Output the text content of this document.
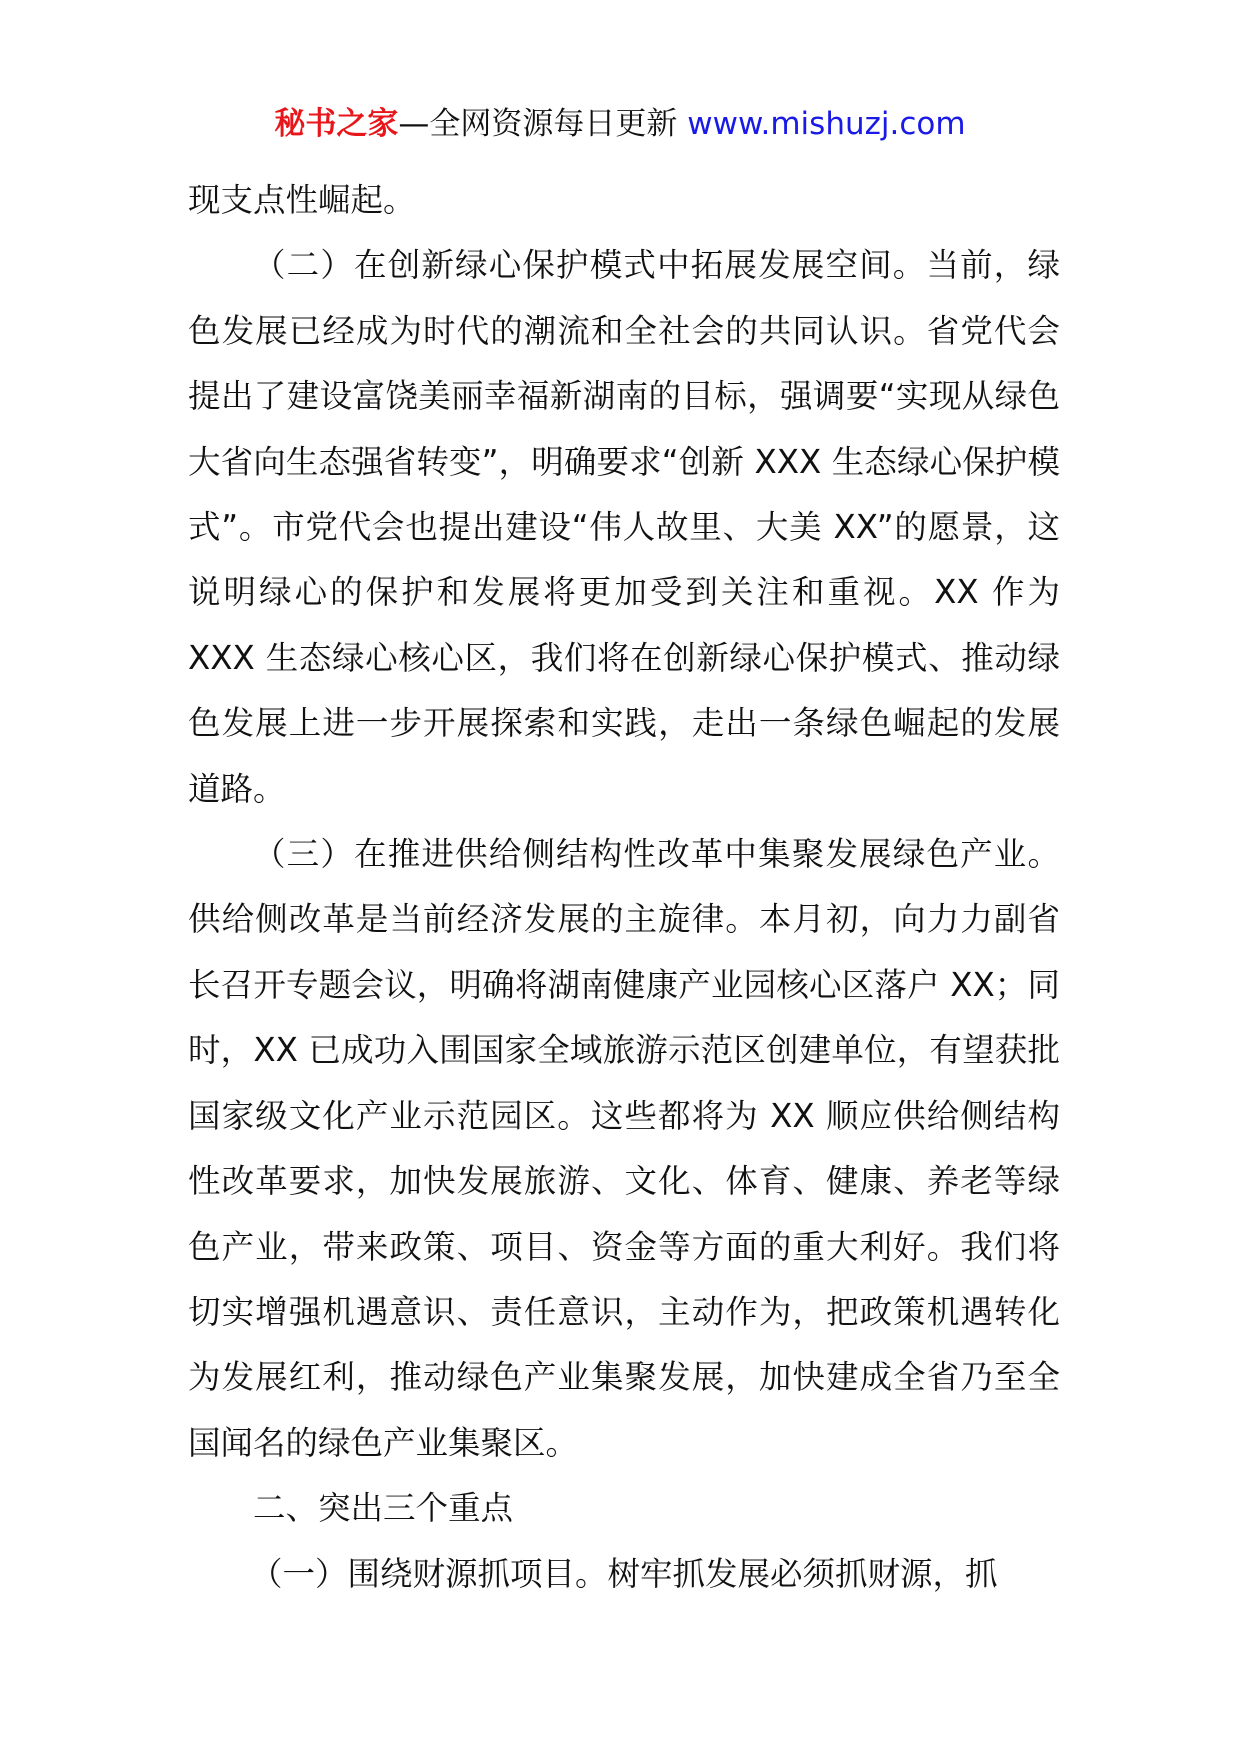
秘书之家—全网资源每日更新 www.mishuzj.com

现支点性崛起。

（二）在创新绿心保护模式中拓展发展空间。当前，绿色发展已经成为时代的潮流和全社会的共同认识。省党代会提出了建设富饶美丽幸福新湖南的目标，强调要“实现从绿色大省向生态强省转变”，明确要求“创新 XXX 生态绿心保护模式”。市党代会也提出建设“伟人故里、大美 XX”的愿景，这说明绿心的保护和发展将更加受到关注和重视。XX 作为 XXX 生态绿心核心区，我们将在创新绿心保护模式、推动绿色发展上进一步开展探索和实践，走出一条绿色崛起的发展道路。

（三）在推进供给侧结构性改革中集聚发展绿色产业。供给侧改革是当前经济发展的主旋律。本月初，向力力副省长召开专题会议，明确将湖南健康产业园核心区落户 XX；同时，XX 已成功入围国家全域旅游示范区创建单位，有望获批国家级文化产业示范园区。这些都将为 XX 顺应供给侧结构性改革要求，加快发展旅游、文化、体育、健康、养老等绿色产业，带来政策、项目、资金等方面的重大利好。我们将切实增强机遇意识、责任意识，主动作为，把政策机遇转化为发展红利，推动绿色产业集聚发展，加快建成全省乃至全国闻名的绿色产业集聚区。

二、突出三个重点

（一）围绕财源抓项目。树牢抓发展必须抓财源，抓
